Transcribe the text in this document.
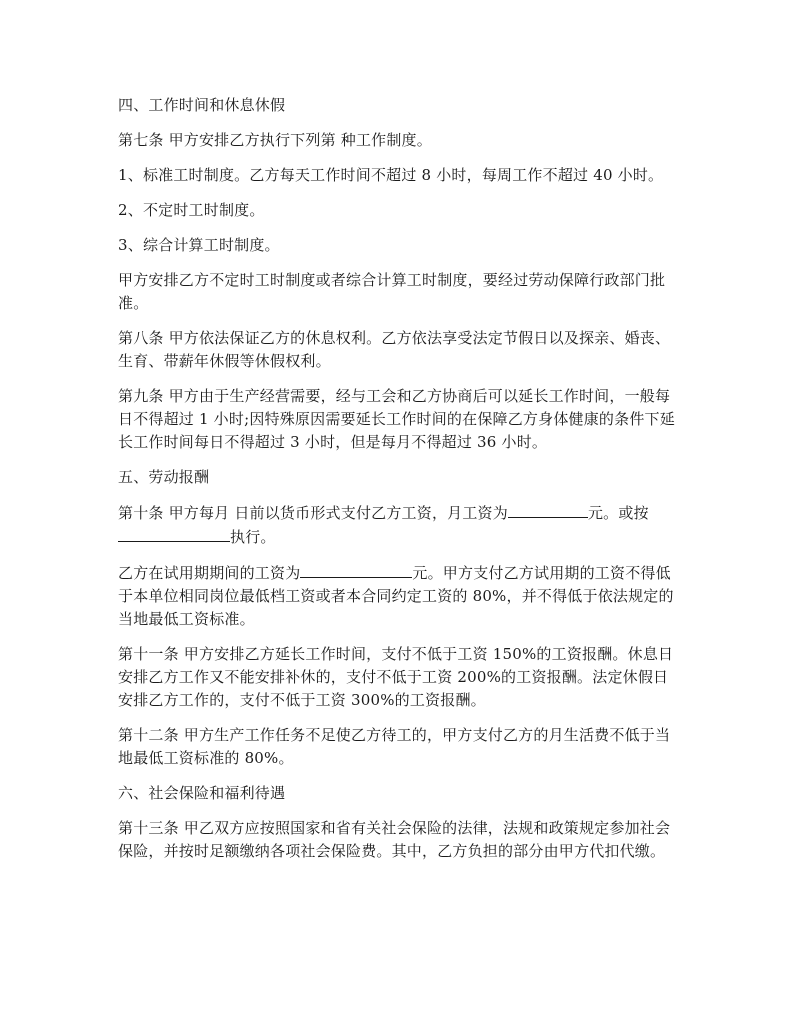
四、工作时间和休息休假

第七条 甲方安排乙方执行下列第 种工作制度。

1、标准工时制度。乙方每天工作时间不超过 8 小时，每周工作不超过 40 小时。

2、不定时工时制度。

3、综合计算工时制度。

甲方安排乙方不定时工时制度或者综合计算工时制度，要经过劳动保障行政部门批准。

第八条 甲方依法保证乙方的休息权利。乙方依法享受法定节假日以及探亲、婚丧、生育、带薪年休假等休假权利。

第九条 甲方由于生产经营需要，经与工会和乙方协商后可以延长工作时间，一般每日不得超过 1 小时;因特殊原因需要延长工作时间的在保障乙方身体健康的条件下延长工作时间每日不得超过 3 小时，但是每月不得超过 36 小时。

五、劳动报酬

第十条 甲方每月 日前以货币形式支付乙方工资，月工资为	元。或按
执行。

乙方在试用期期间的工资为	元。甲方支付乙方试用期的工资不得低于本单位相同岗位最低档工资或者本合同约定工资的 80%，并不得低于依法规定的当地最低工资标准。

第十一条 甲方安排乙方延长工作时间，支付不低于工资 150%的工资报酬。休息日安排乙方工作又不能安排补休的，支付不低于工资 200%的工资报酬。法定休假日安排乙方工作的，支付不低于工资 300%的工资报酬。

第十二条 甲方生产工作任务不足使乙方待工的，甲方支付乙方的月生活费不低于当地最低工资标准的 80%。

六、社会保险和福利待遇

第十三条 甲乙双方应按照国家和省有关社会保险的法律，法规和政策规定参加社会保险，并按时足额缴纳各项社会保险费。其中，乙方负担的部分由甲方代扣代缴。
